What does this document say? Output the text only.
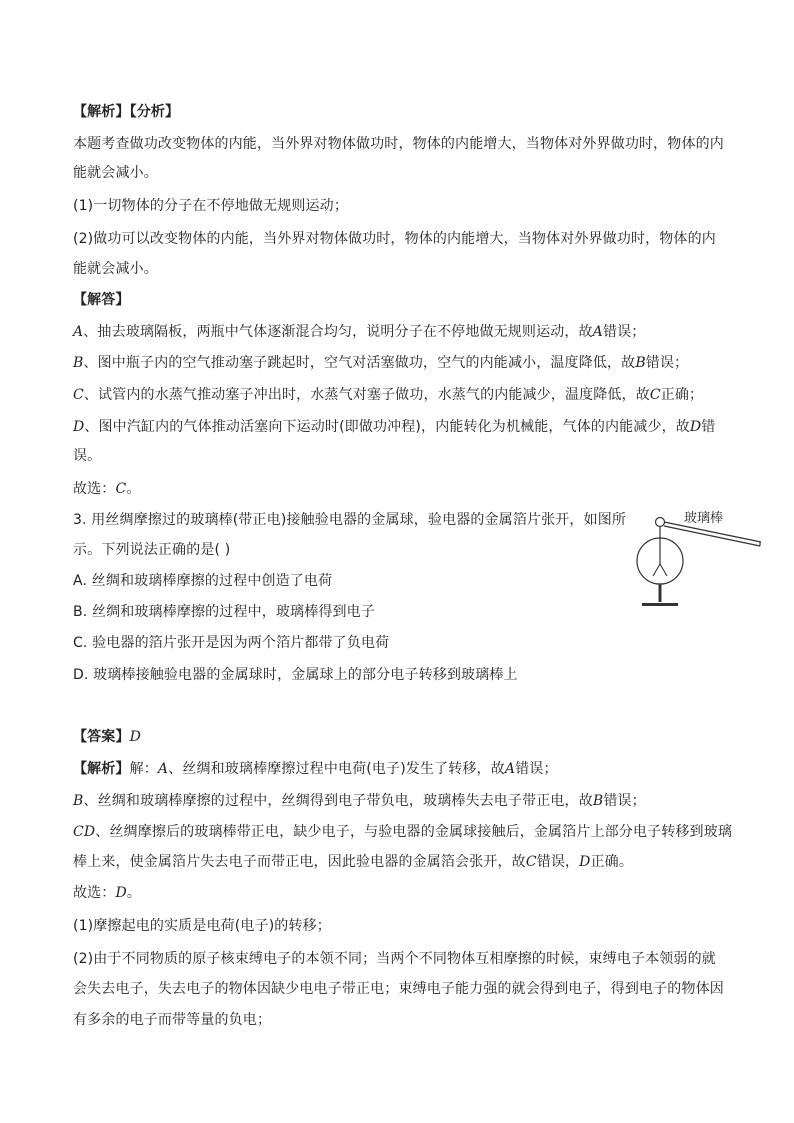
【解析】【分析】
本题考查做功改变物体的内能，当外界对物体做功时，物体的内能增大，当物体对外界做功时，物体的内
能就会减小。
(1)一切物体的分子在不停地做无规则运动；
(2)做功可以改变物体的内能，当外界对物体做功时，物体的内能增大，当物体对外界做功时，物体的内
能就会减小。
【解答】
A、抽去玻璃隔板，两瓶中气体逐渐混合均匀，说明分子在不停地做无规则运动，故A错误；
B、图中瓶子内的空气推动塞子跳起时，空气对活塞做功，空气的内能减小，温度降低，故B错误；
C、试管内的水蒸气推动塞子冲出时，水蒸气对塞子做功，水蒸气的内能减少，温度降低，故C正确；
D、图中汽缸内的气体推动活塞向下运动时(即做功冲程)，内能转化为机械能，气体的内能减少，故D错
误。
故选：C。
3. 用丝绸摩擦过的玻璃棒(带正电)接触验电器的金属球，验电器的金属箔片张开，如图所
示。下列说法正确的是( )
A. 丝绸和玻璃棒摩擦的过程中创造了电荷
B. 丝绸和玻璃棒摩擦的过程中，玻璃棒得到电子
C. 验电器的箔片张开是因为两个箔片都带了负电荷
D. 玻璃棒接触验电器的金属球时，金属球上的部分电子转移到玻璃棒上
玻璃棒
【答案】D
【解析】解：A、丝绸和玻璃棒摩擦过程中电荷(电子)发生了转移，故A错误；
B、丝绸和玻璃棒摩擦的过程中，丝绸得到电子带负电，玻璃棒失去电子带正电，故B错误；
CD、丝绸摩擦后的玻璃棒带正电，缺少电子，与验电器的金属球接触后，金属箔片上部分电子转移到玻璃
棒上来，使金属箔片失去电子而带正电，因此验电器的金属箔会张开，故C错误，D正确。
故选：D。
(1)摩擦起电的实质是电荷(电子)的转移；
(2)由于不同物质的原子核束缚电子的本领不同；当两个不同物体互相摩擦的时候，束缚电子本领弱的就
会失去电子，失去电子的物体因缺少电电子带正电；束缚电子能力强的就会得到电子，得到电子的物体因
有多余的电子而带等量的负电；
